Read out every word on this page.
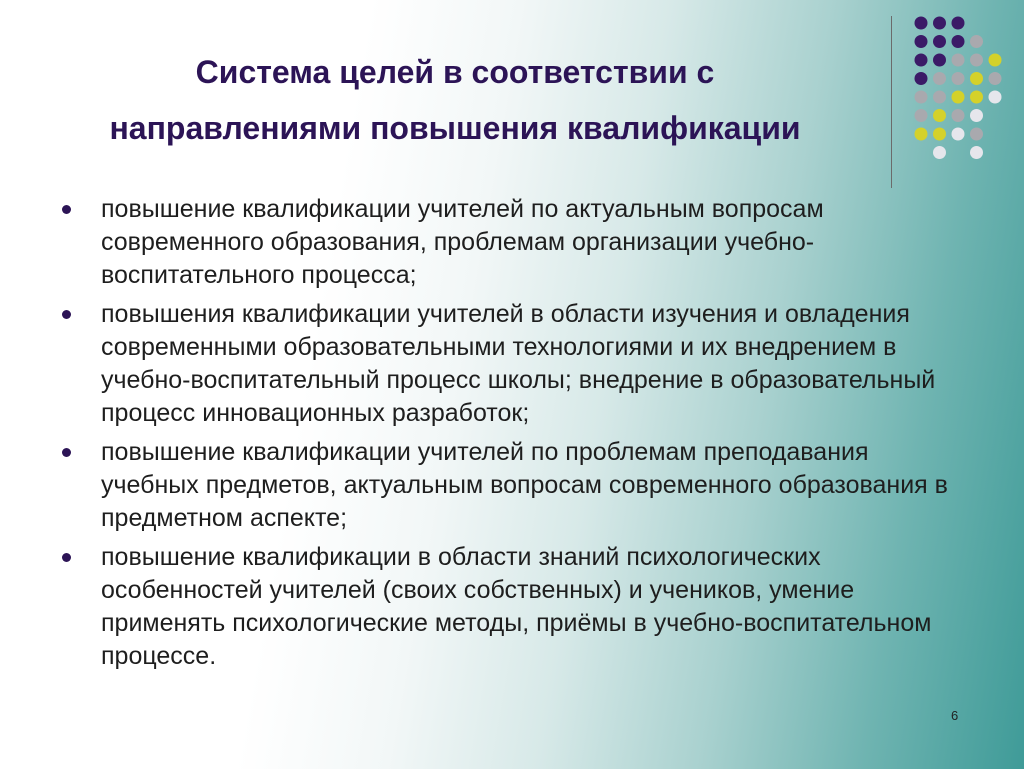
Система целей в соответствии с
направлениями повышения квалификации
повышение квалификации учителей по актуальным вопросам современного образования, проблемам организации учебно-воспитательного процесса;
повышения квалификации учителей в области изучения и овладения современными образовательными технологиями и их внедрением в учебно-воспитательный процесс школы; внедрение в образовательный процесс инновационных разработок;
повышение квалификации учителей по проблемам преподавания учебных предметов, актуальным вопросам современного образования в предметном аспекте;
повышение квалификации в области знаний психологических особенностей учителей (своих собственных) и учеников, умение применять психологические методы, приёмы в учебно-воспитательном процессе.
6
